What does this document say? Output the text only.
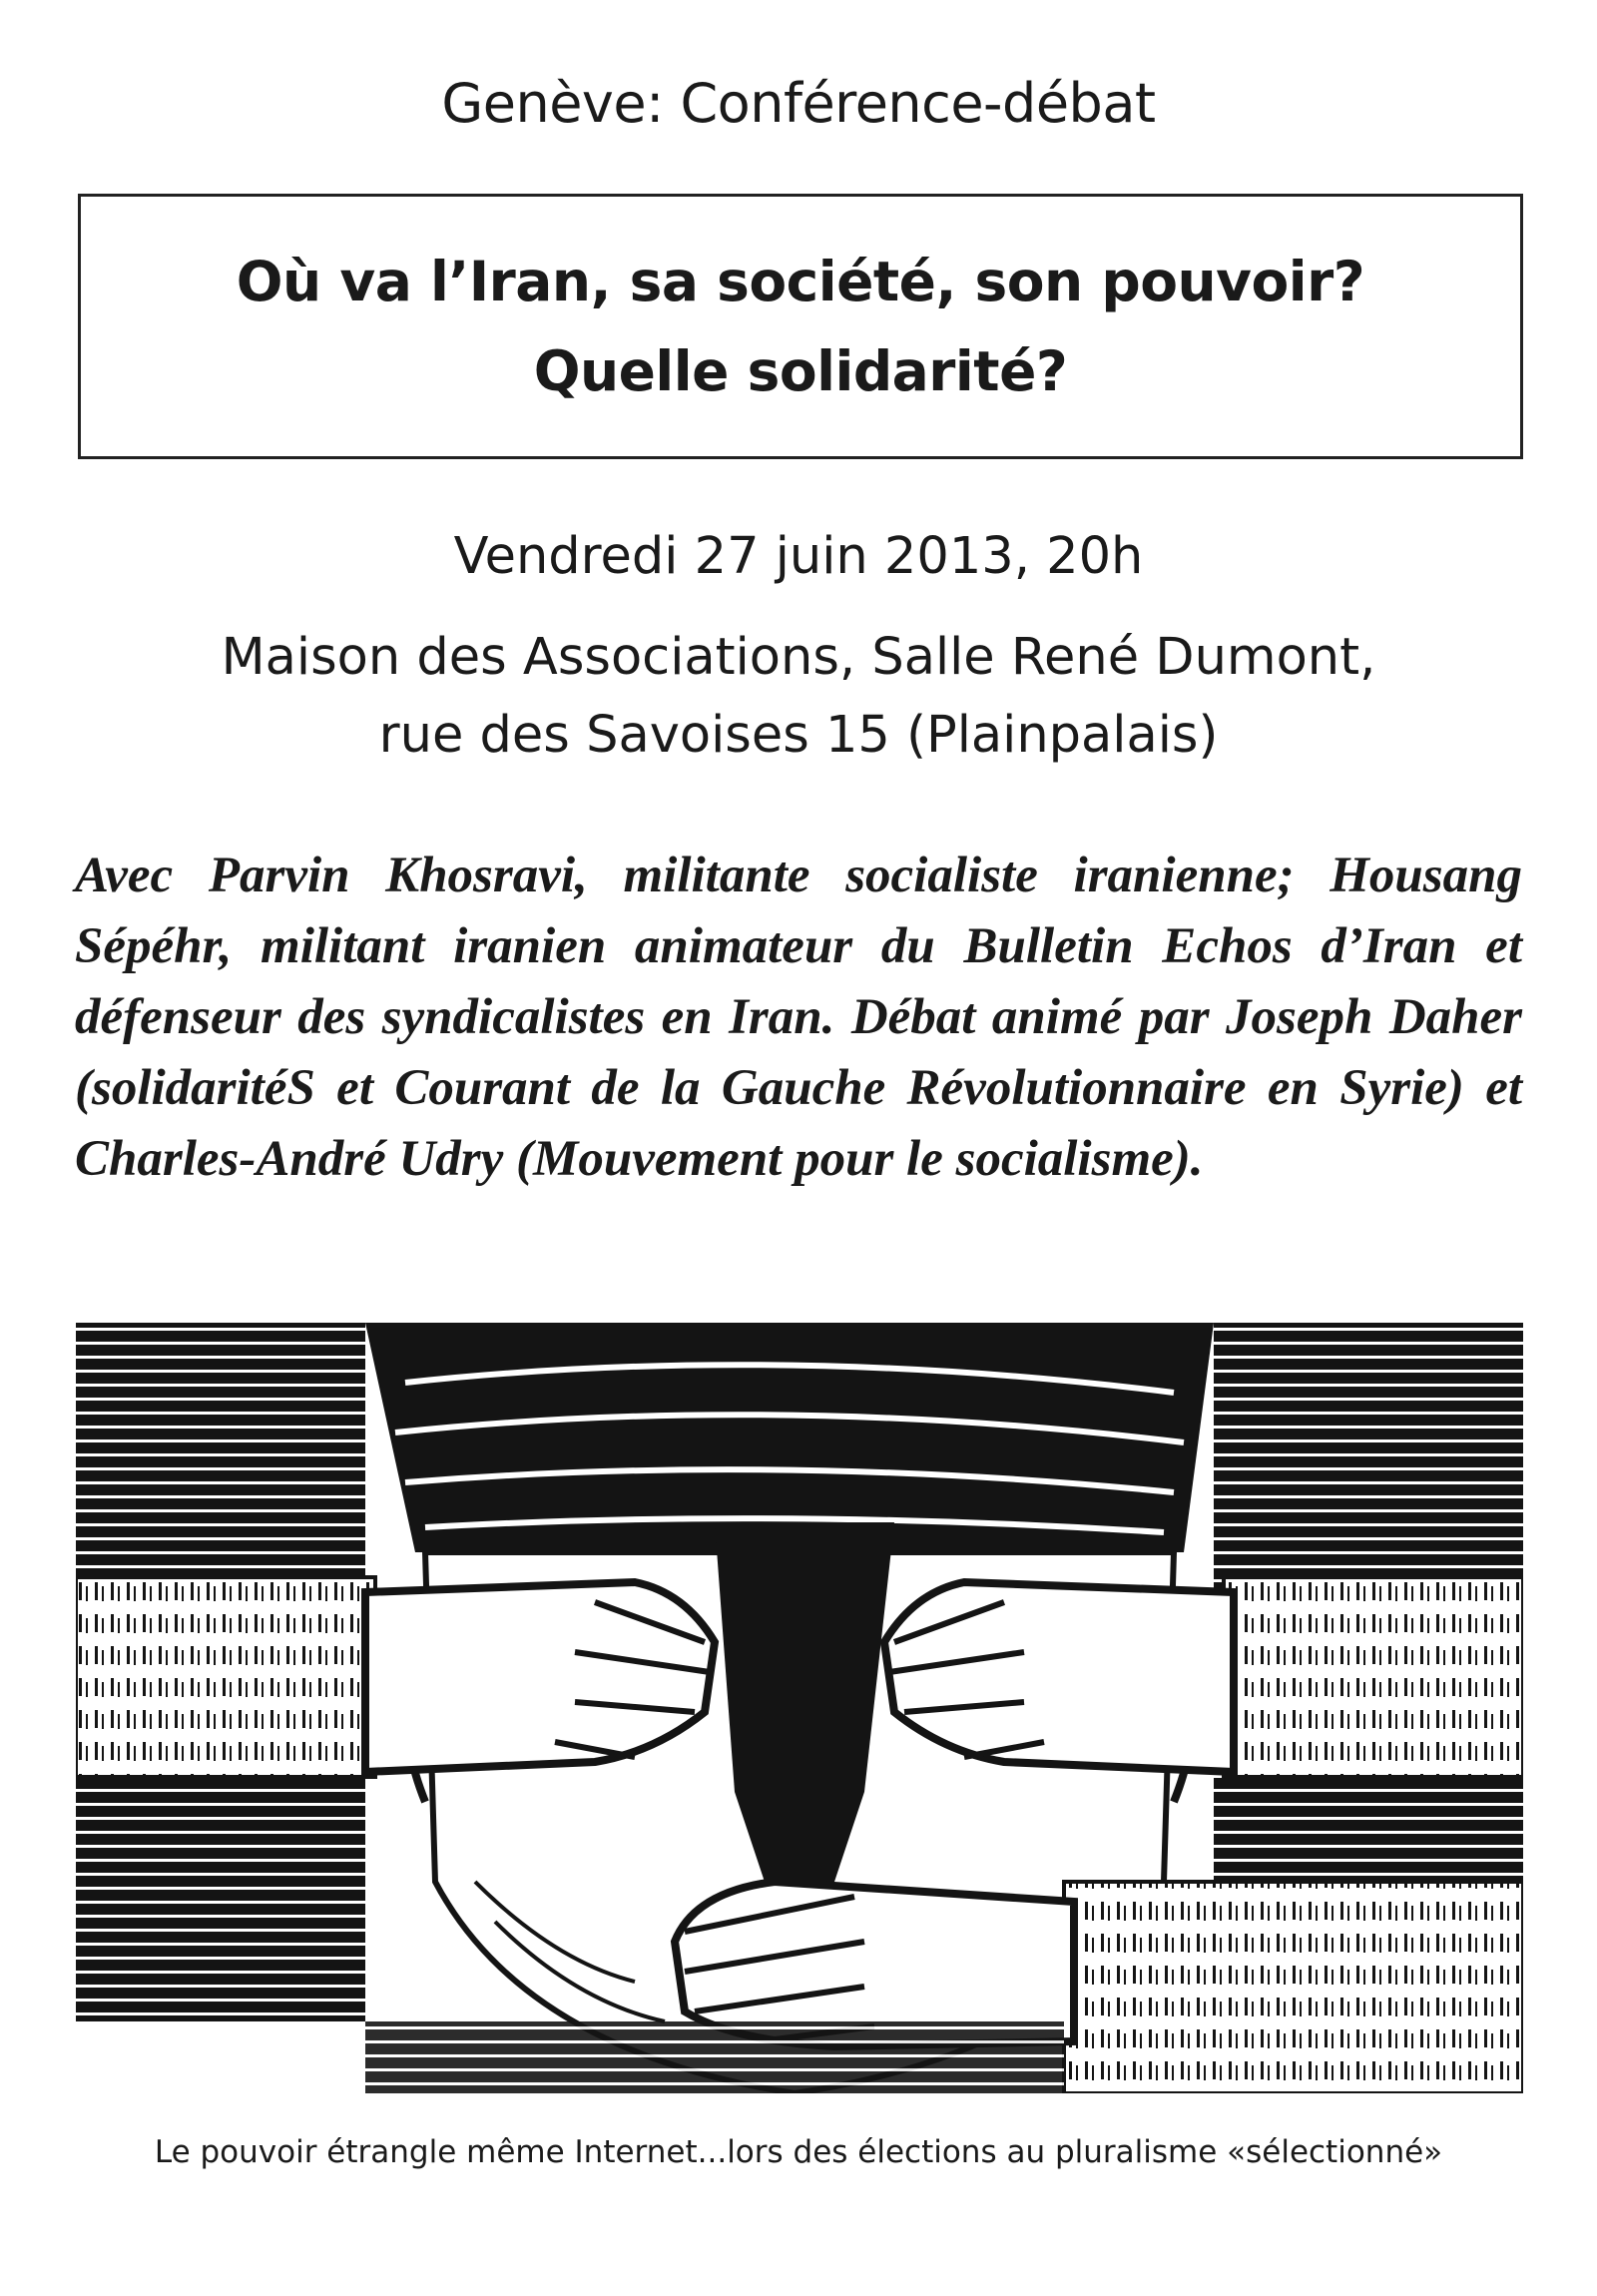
Genève: Conférence-débat
Où va l’Iran, sa société, son pouvoir?
Quelle solidarité?
Vendredi 27 juin 2013, 20h
Maison des Associations, Salle René Dumont,
rue des Savoises 15 (Plainpalais)
Avec Parvin Khosravi, militante socialiste iranienne; Housang Sépéhr, militant iranien animateur du Bulletin Echos d’Iran et défenseur des syndicalistes en Iran. Débat animé par Joseph Daher (solidaritéS et Courant de la Gauche Révolutionnaire en Syrie) et Charles-André Udry (Mouvement pour le socialisme).
Le pouvoir étrangle même Internet...lors des élections au pluralisme «sélectionné»
